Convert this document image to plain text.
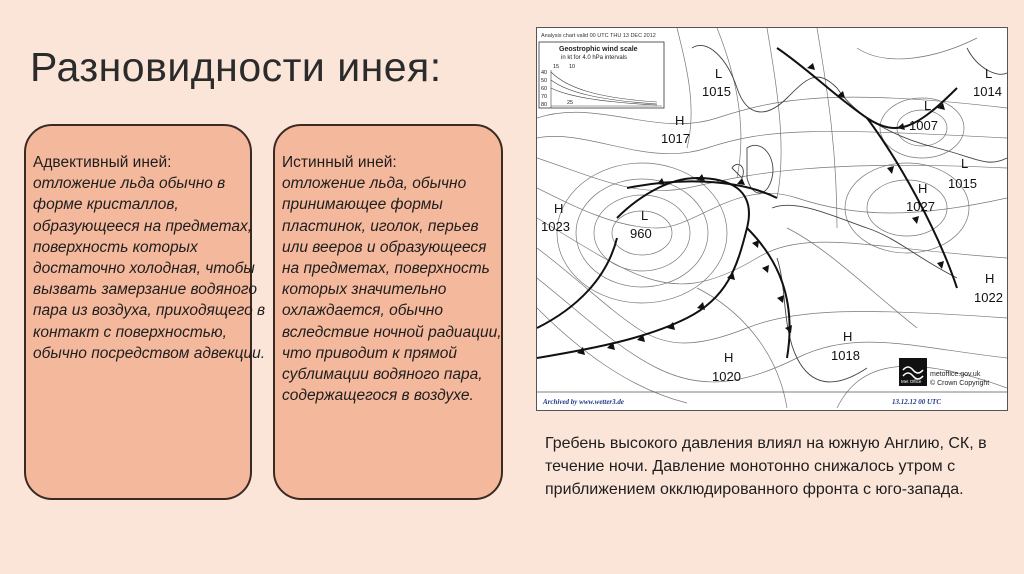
Разновидности инея:
Адвективный иней:
отложение льда обычно в форме кристаллов, образующееся на предметах, поверхность которых достаточно холодная, чтобы вызвать замерзание водяного пара из воздуха, приходящего в контакт с поверхностью, обычно посредством адвекции.
Истинный иней:
отложение льда, обычно принимающее формы пластинок, иголок, перьев или вееров и образующееся на предметах, поверхность которых значительно охлаждается, обычно вследствие ночной радиации, что приводит к прямой сублимации водяного пара, содержащегося в воздухе.
Analysis chart valid 00 UTC THU 13 DEC 2012
Geostrophic wind scale
in kt for 4.0 hPa intervals
40
50
60
70
80
15 10
25
L
1015
H
1017
H
1023
L
960
L
1007
L
1014
L
1015
H
1027
H
1022
H
1018
H
1020	Met Office
metoffice.gov.uk
© Crown Copyright
Archived by www.wetter3.de	13.12.12 00 UTC
Гребень высокого давления влиял на южную Англию, СК, в течение ночи. Давление монотонно снижалось утром с приближением окклюдированного фронта с юго-запада.
